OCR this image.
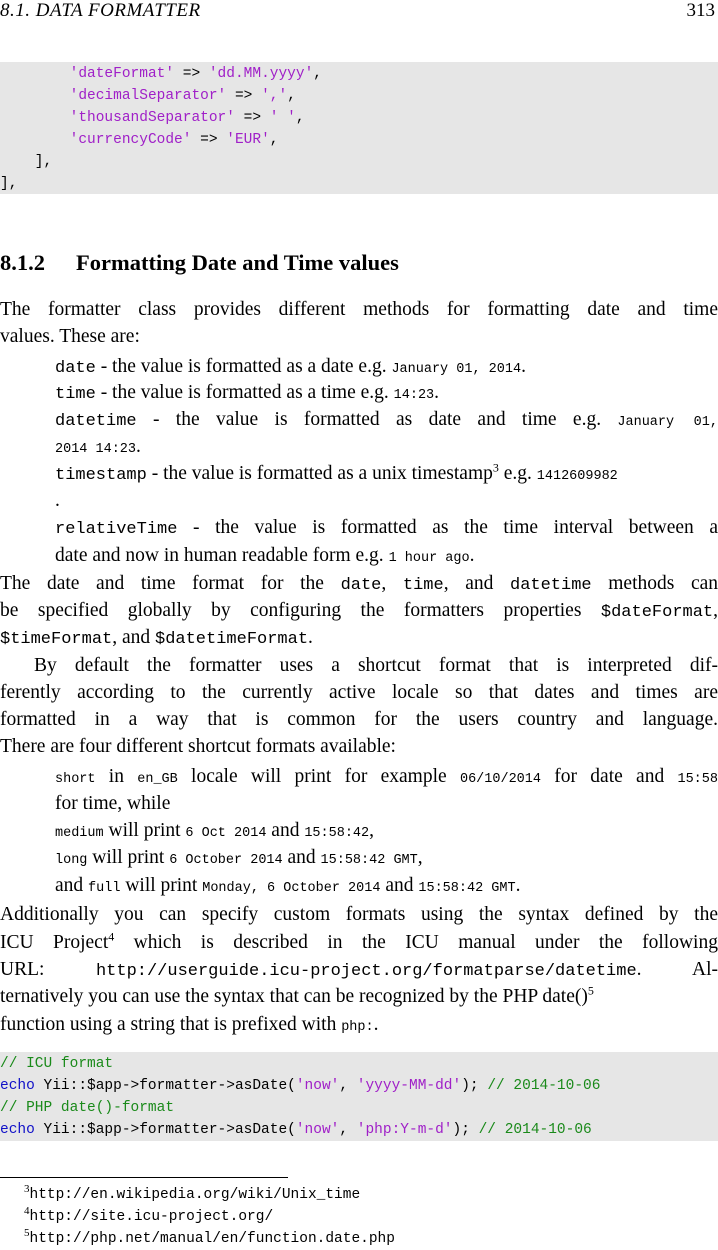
8.1. DATA FORMATTER	313
'dateFormat' => 'dd.MM.yyyy',
'decimalSeparator' => ',',
'thousandSeparator' => ' ',
'currencyCode' => 'EUR',
],
],
8.1.2 Formatting Date and Time values
The formatter class provides different methods for formatting date and time
values. These are:
date - the value is formatted as a date e.g. January 01, 2014.
time - the value is formatted as a time e.g. 14:23.
datetime - the value is formatted as date and time e.g. January 01,
2014 14:23.
timestamp - the value is formatted as a unix timestamp$^3$ e.g. 1412609982
.
relativeTime - the value is formatted as the time interval between a
date and now in human readable form e.g. 1 hour ago.
The date and time format for the date, time, and datetime methods can
be specified globally by configuring the formatters properties $dateFormat,
$timeFormat, and $datetimeFormat.
By default the formatter uses a shortcut format that is interpreted dif-
ferently according to the currently active locale so that dates and times are
formatted in a way that is common for the users country and language.
There are four different shortcut formats available:
short in en_GB locale will print for example 06/10/2014 for date and 15:58
for time, while
medium will print 6 Oct 2014 and 15:58:42,
long will print 6 October 2014 and 15:58:42 GMT,
and full will print Monday, 6 October 2014 and 15:58:42 GMT.
Additionally you can specify custom formats using the syntax defined by the
ICU Project$^4$ which is described in the ICU manual under the following
URL: http://userguide.icu-project.org/formatparse/datetime. Al-
ternatively you can use the syntax that can be recognized by the PHP date()$^5$
function using a string that is prefixed with php:.
// ICU format
echo Yii::$app->formatter->asDate('now', 'yyyy-MM-dd'); // 2014-10-06
// PHP date()-format
echo Yii::$app->formatter->asDate('now', 'php:Y-m-d'); // 2014-10-06
$^3$http://en.wikipedia.org/wiki/Unix_time
$^4$http://site.icu-project.org/
$^5$http://php.net/manual/en/function.date.php
